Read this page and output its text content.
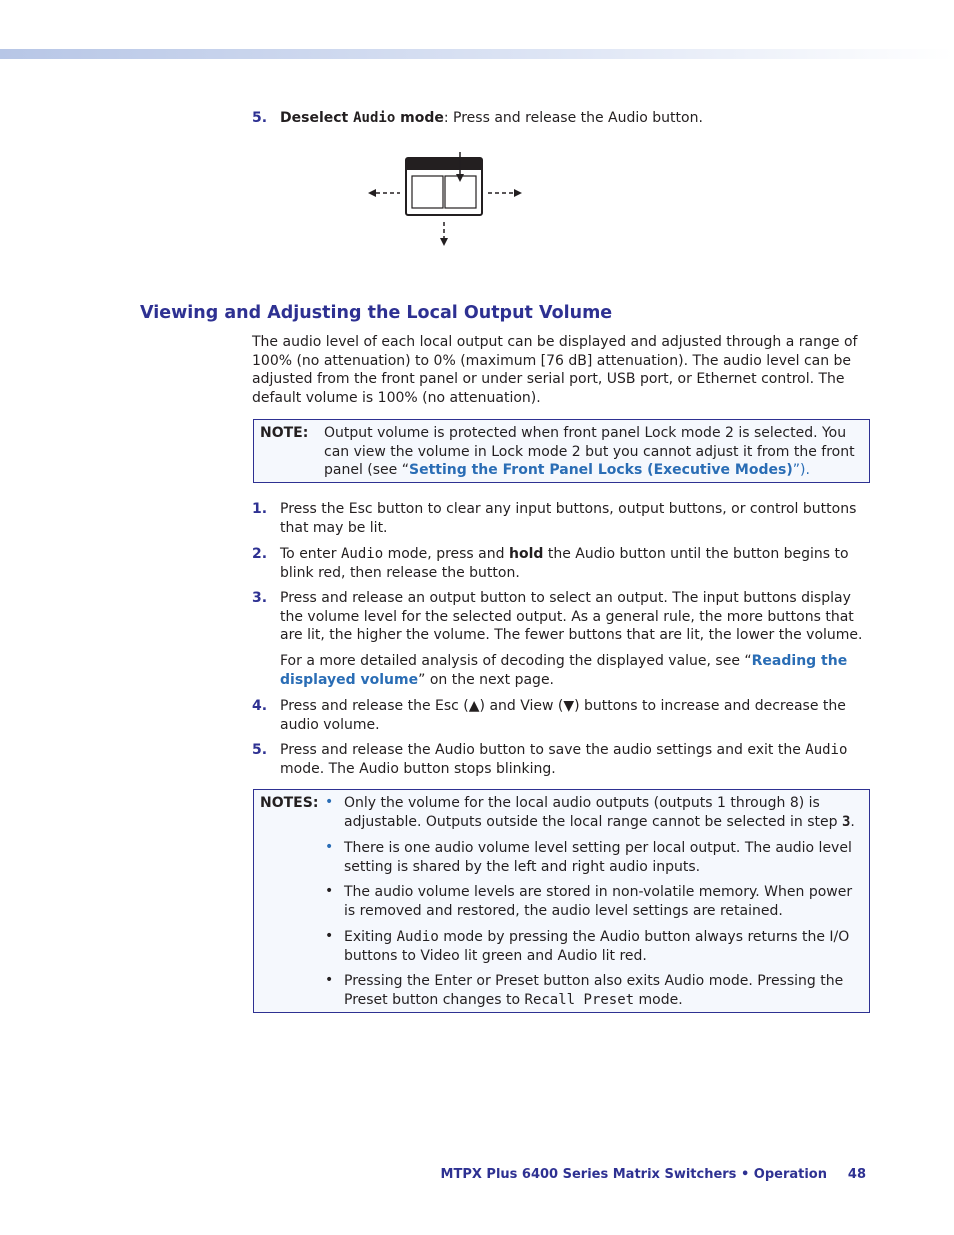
5. Deselect Audio mode: Press and release the Audio button.
Viewing and Adjusting the Local Output Volume
The audio level of each local output can be displayed and adjusted through a range of 100% (no attenuation) to 0% (maximum [76 dB] attenuation). The audio level can be adjusted from the front panel or under serial port, USB port, or Ethernet control. The default volume is 100% (no attenuation).
NOTE: Output volume is protected when front panel Lock mode 2 is selected. You can view the volume in Lock mode 2 but you cannot adjust it from the front panel (see “Setting the Front Panel Locks (Executive Modes)”).
1. Press the Esc button to clear any input buttons, output buttons, or control buttons that may be lit.
2. To enter Audio mode, press and hold the Audio button until the button begins to blink red, then release the button.
3. Press and release an output button to select an output. The input buttons display the volume level for the selected output. As a general rule, the more buttons that are lit, the higher the volume. The fewer buttons that are lit, the lower the volume.
For a more detailed analysis of decoding the displayed value, see “Reading the displayed volume” on the next page.
4. Press and release the Esc (▲) and View (▼) buttons to increase and decrease the audio volume.
5. Press and release the Audio button to save the audio settings and exit the Audio mode. The Audio button stops blinking.
NOTES: • Only the volume for the local audio outputs (outputs 1 through 8) is adjustable. Outputs outside the local range cannot be selected in step 3.
• There is one audio volume level setting per local output. The audio level setting is shared by the left and right audio inputs.
• The audio volume levels are stored in non-volatile memory. When power is removed and restored, the audio level settings are retained.
• Exiting Audio mode by pressing the Audio button always returns the I/O buttons to Video lit green and Audio lit red.
• Pressing the Enter or Preset button also exits Audio mode. Pressing the Preset button changes to Recall Preset mode.
MTPX Plus 6400 Series Matrix Switchers • Operation 48
